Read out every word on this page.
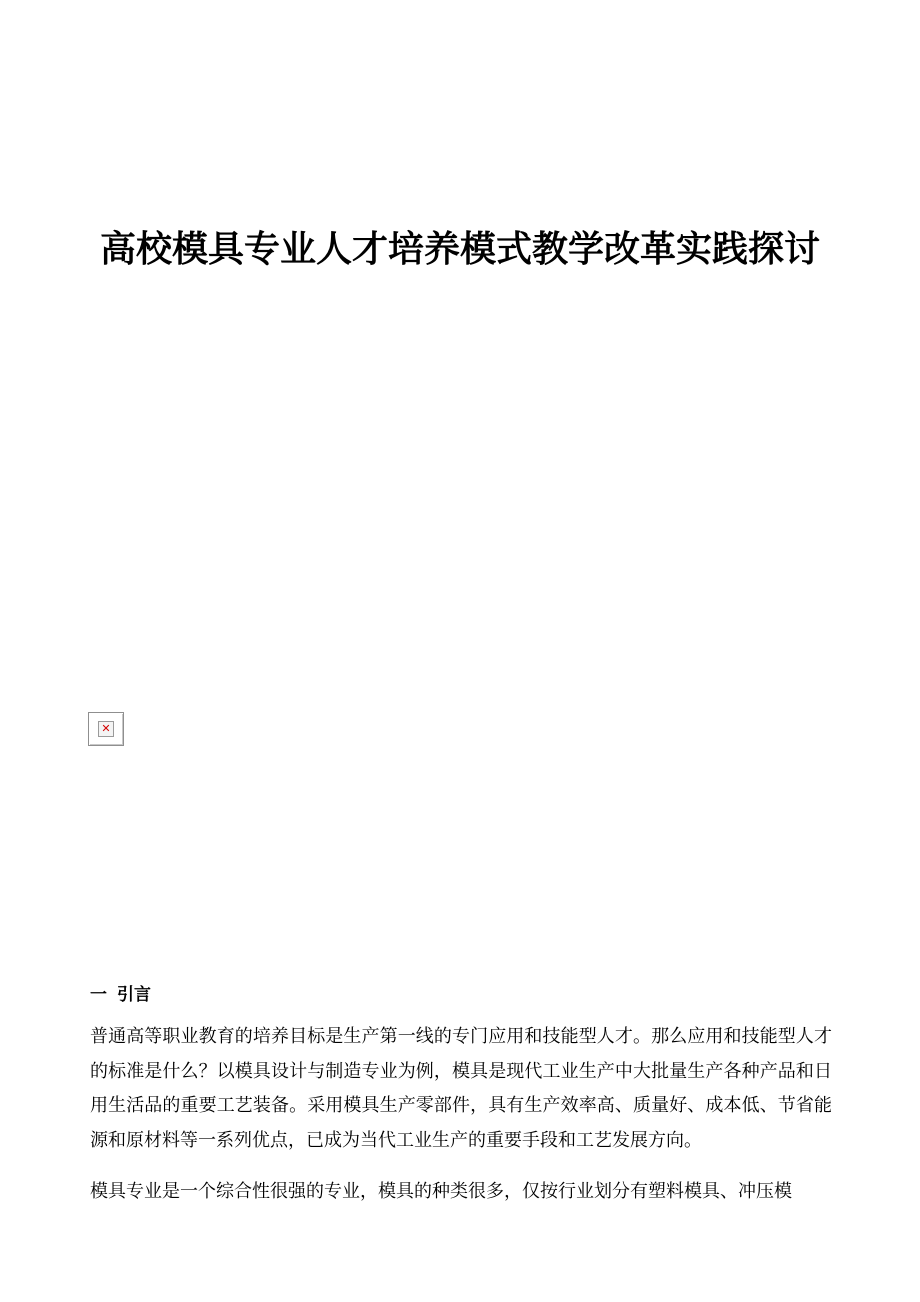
高校模具专业人才培养模式教学改革实践探讨
✕
一 引言

普通高等职业教育的培养目标是生产第一线的专门应用和技能型人才。那么应用和技能型人才的标准是什么？以模具设计与制造专业为例，模具是现代工业生产中大批量生产各种产品和日用生活品的重要工艺装备。采用模具生产零部件，具有生产效率高、质量好、成本低、节省能源和原材料等一系列优点，已成为当代工业生产的重要手段和工艺发展方向。

模具专业是一个综合性很强的专业，模具的种类很多，仅按行业划分有塑料模具、冲压模
